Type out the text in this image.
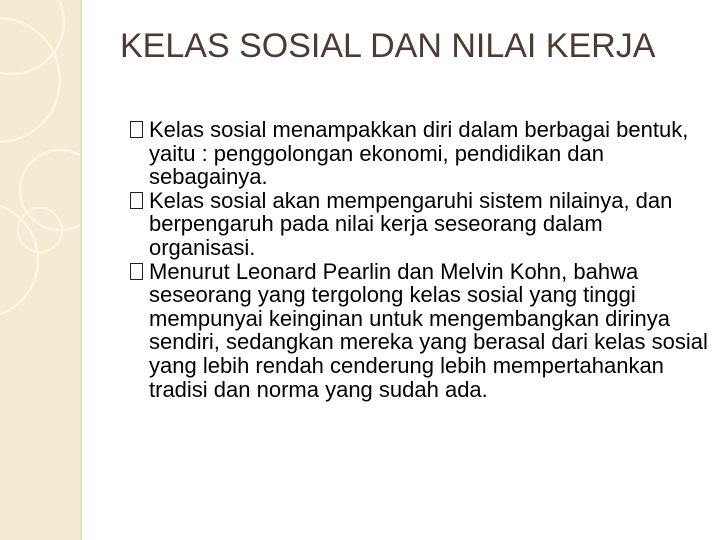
KELAS SOSIAL DAN NILAI KERJA
Kelas sosial menampakkan diri dalam berbagai bentuk, yaitu : penggolongan ekonomi, pendidikan dan sebagainya.
Kelas sosial akan mempengaruhi sistem nilainya, dan berpengaruh pada nilai kerja seseorang dalam organisasi.
Menurut Leonard Pearlin dan Melvin Kohn, bahwa seseorang yang tergolong kelas sosial yang tinggi mempunyai keinginan untuk mengembangkan dirinya sendiri, sedangkan mereka yang berasal dari kelas sosial yang lebih rendah cenderung lebih mempertahankan tradisi dan norma yang sudah ada.
